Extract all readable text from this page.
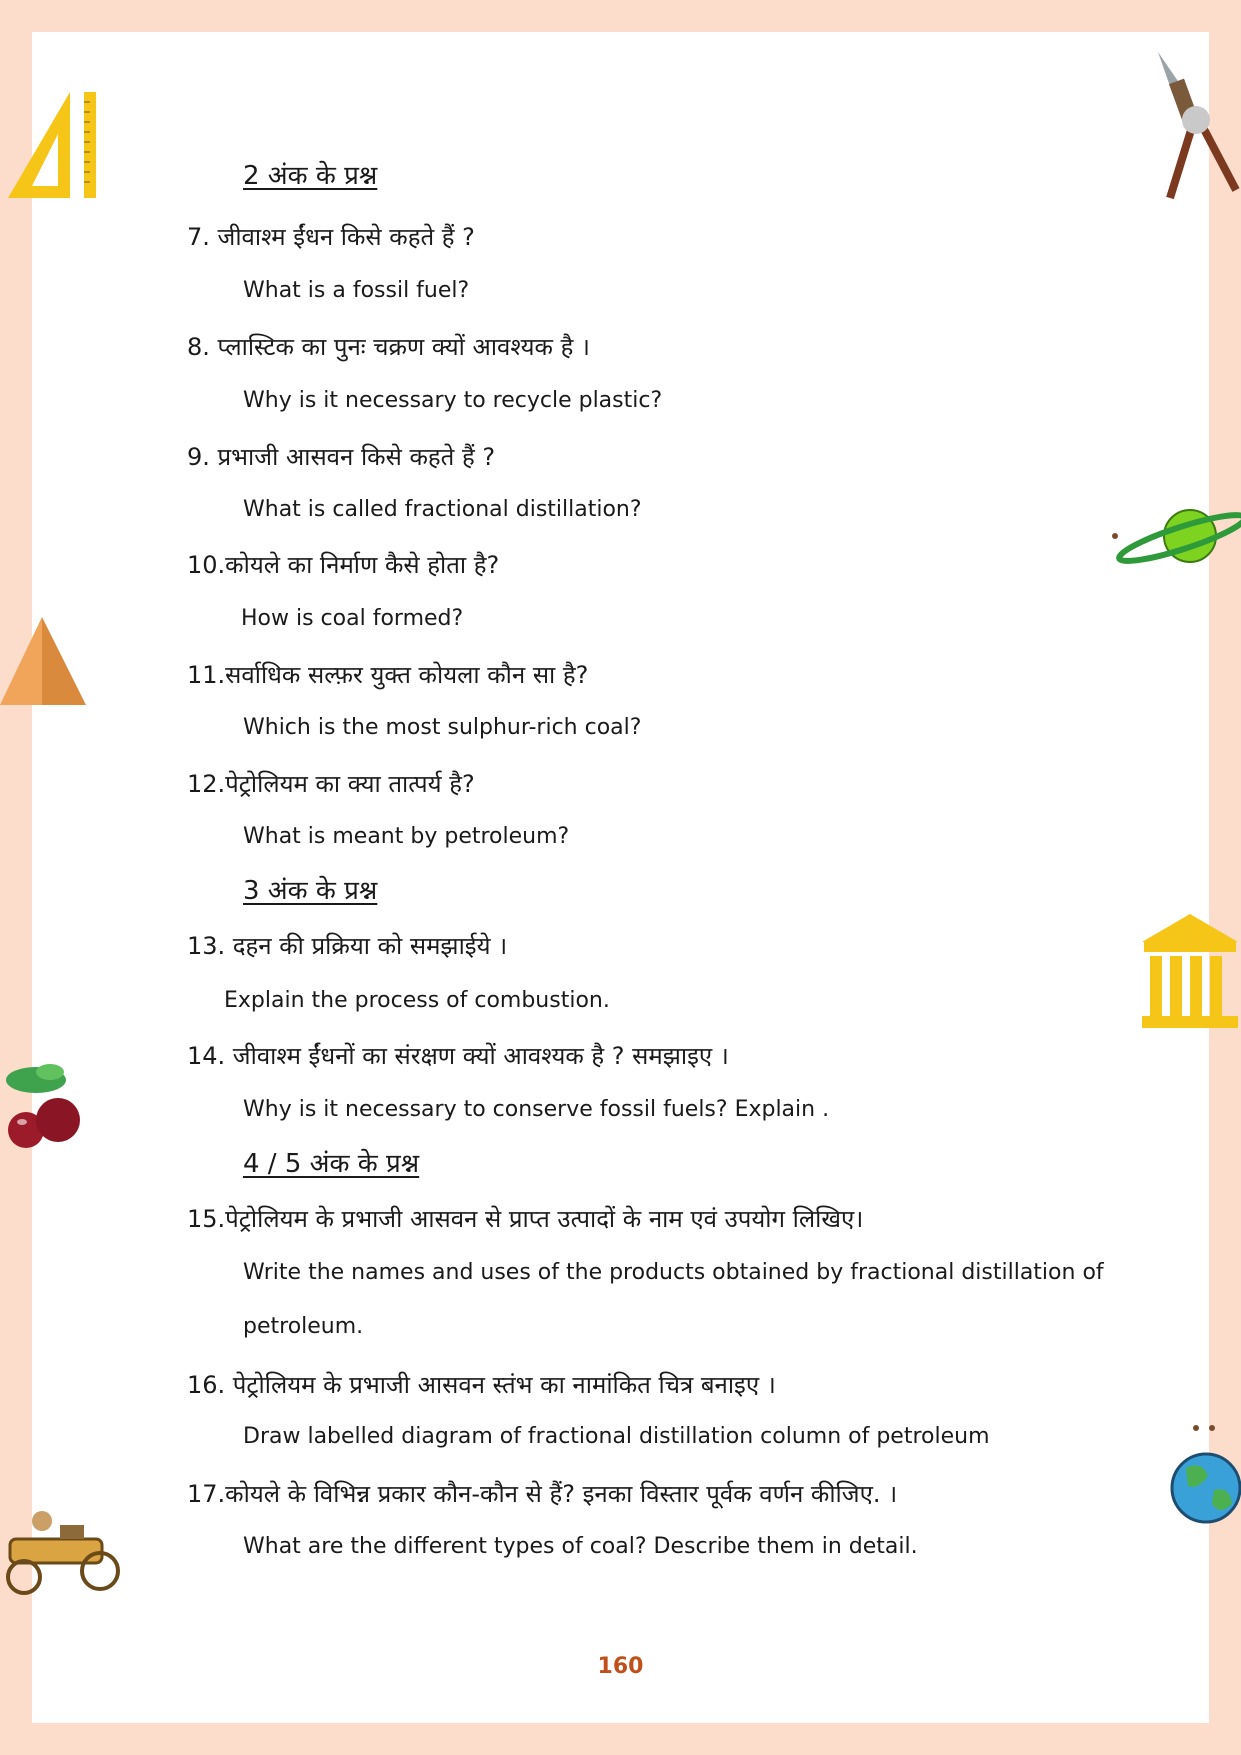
2 अंक के प्रश्न
3 अंक के प्रश्न
4 / 5 अंक के प्रश्न
7. जीवाश्म ईंधन किसे कहते हैं ?
What is a fossil fuel?
8. प्लास्टिक का पुनः चक्रण क्यों आवश्यक है ।
Why is it necessary to recycle plastic?
9. प्रभाजी आसवन किसे कहते हैं ?
What is called fractional distillation?
10.कोयले का निर्माण कैसे होता है?
How is coal formed?
11.सर्वाधिक सल्फ़र युक्त कोयला कौन सा है?
Which is the most sulphur-rich coal?
12.पेट्रोलियम का क्या तात्पर्य है?
What is meant by petroleum?
13. दहन की प्रक्रिया को समझाईये ।
Explain the process of combustion.
14. जीवाश्म ईंधनों का संरक्षण क्यों आवश्यक है ? समझाइए ।
Why is it necessary to conserve fossil fuels? Explain .
15.पेट्रोलियम के प्रभाजी आसवन से प्राप्त उत्पादों के नाम एवं उपयोग लिखिए।
Write the names and uses of the products obtained by fractional distillation of
petroleum.
16. पेट्रोलियम के प्रभाजी आसवन स्तंभ का नामांकित चित्र बनाइए ।
Draw labelled diagram of fractional distillation column of petroleum
17.कोयले के विभिन्न प्रकार कौन-कौन से हैं? इनका विस्तार पूर्वक वर्णन कीजिए. ।
What are the different types of coal? Describe them in detail.
160
